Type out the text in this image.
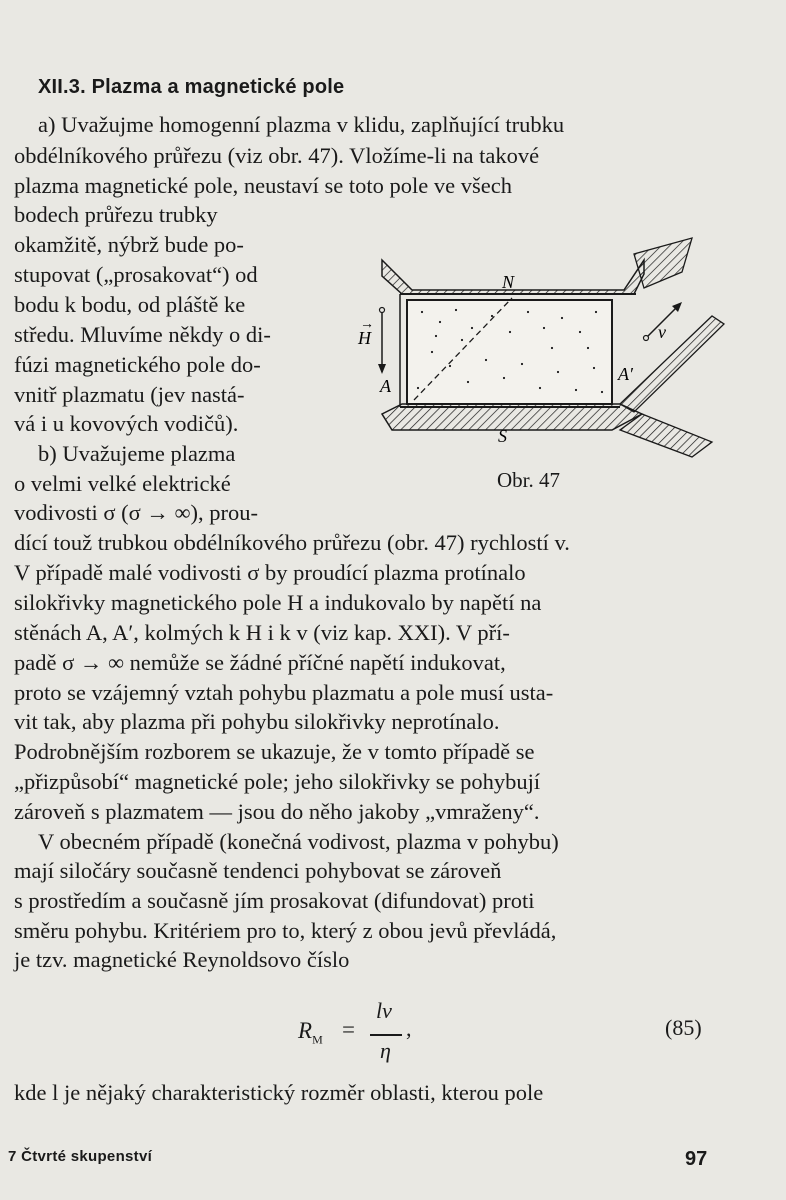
XII.3. Plazma a magnetické pole
a) Uvažujme homogenní plazma v klidu, zaplňující trubku
obdélníkového průřezu (viz obr. 47). Vložíme-li na takové
plazma magnetické pole, neustaví se toto pole ve všech
bodech průřezu trubky
okamžitě, nýbrž bude po-
stupovat („prosakovat“) od
bodu k bodu, od pláště ke
středu. Mluvíme někdy o di-
fúzi magnetického pole do-
vnitř plazmatu (jev nastá-
vá i u kovových vodičů).
b) Uvažujeme plazma
o velmi velké elektrické
vodivosti σ (σ → ∞), prou-
dící touž trubkou obdélníkového průřezu (obr. 47) rychlostí v.
V případě malé vodivosti σ by proudící plazma protínalo
silokřivky magnetického pole H a indukovalo by napětí na
stěnách A, A′, kolmých k H i k v (viz kap. XXI). V pří-
padě σ → ∞ nemůže se žádné příčné napětí indukovat,
proto se vzájemný vztah pohybu plazmatu a pole musí usta-
vit tak, aby plazma při pohybu silokřivky neprotínalo.
Podrobnějším rozborem se ukazuje, že v tomto případě se
„přizpůsobí“ magnetické pole; jeho silokřivky se pohybují
zároveň s plazmatem — jsou do něho jakoby „vmraženy“.
V obecném případě (konečná vodivost, plazma v pohybu)
mají siločáry současně tendenci pohybovat se zároveň
s prostředím a současně jím prosakovat (difundovat) proti
směru pohybu. Kritériem pro to, který z obou jevů převládá,
je tzv. magnetické Reynoldsovo číslo
N
S
H
→
A
A′
v
Obr. 47
$R_M$ =
lv
η
,	(85)
kde l je nějaký charakteristický rozměr oblasti, kterou pole
7 Čtvrté skupenství	97
